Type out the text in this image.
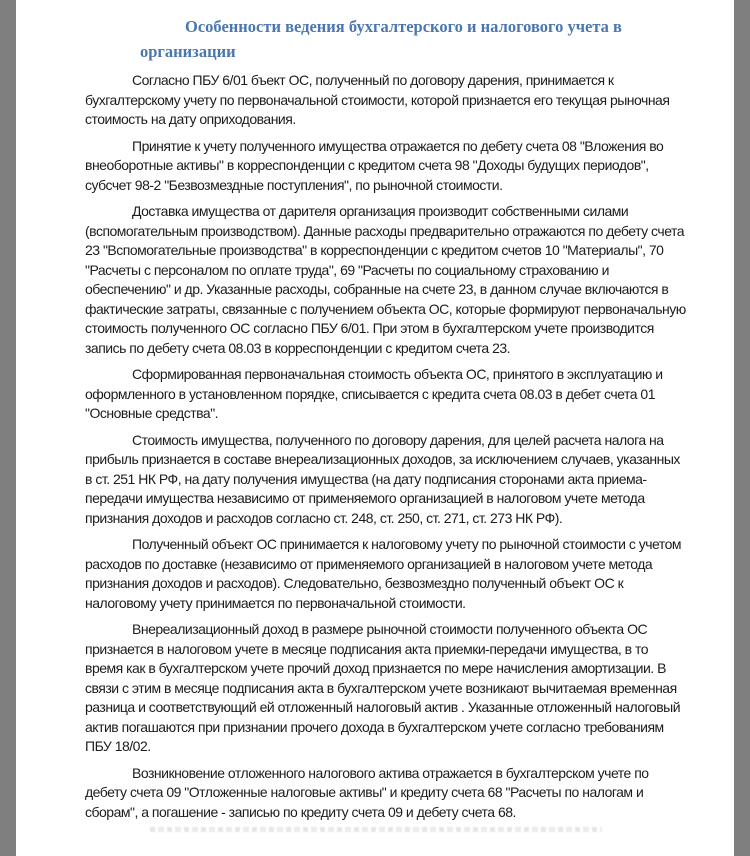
Особенности ведения бухгалтерского и налогового учета в организации

Согласно ПБУ 6/01 бъект ОС, полученный по договору дарения, принимается к бухгалтерскому учету по первоначальной стоимости, которой признается его текущая рыночная стоимость на дату оприходования.

Принятие к учету полученного имущества отражается по дебету счета 08 "Вложения во внеоборотные активы" в корреспонденции с кредитом счета 98 "Доходы будущих периодов", субсчет 98-2 "Безвозмездные поступления", по рыночной стоимости.

Доставка имущества от дарителя организация производит собственными силами (вспомогательным производством). Данные расходы предварительно отражаются по дебету счета 23 "Вспомогательные производства" в корреспонденции с кредитом счетов 10 "Материалы", 70 "Расчеты с персоналом по оплате труда", 69 "Расчеты по социальному страхованию и обеспечению" и др. Указанные расходы, собранные на счете 23, в данном случае включаются в фактические затраты, связанные с получением объекта ОС, которые формируют первоначальную стоимость полученного ОС согласно ПБУ 6/01. При этом в бухгалтерском учете производится запись по дебету счета 08.03 в корреспонденции с кредитом счета 23.

Сформированная первоначальная стоимость объекта ОС, принятого в эксплуатацию и оформленного в установленном порядке, списывается с кредита счета 08.03 в дебет счета 01 "Основные средства".

Стоимость имущества, полученного по договору дарения, для целей расчета налога на прибыль признается в составе внереализационных доходов, за исключением случаев, указанных в ст. 251 НК РФ, на дату получения имущества (на дату подписания сторонами акта приема-передачи имущества независимо от применяемого организацией в налоговом учете метода признания доходов и расходов согласно ст. 248, ст. 250, ст. 271, ст. 273 НК РФ).

Полученный объект ОС принимается к налоговому учету по рыночной стоимости с учетом расходов по доставке (независимо от применяемого организацией в налоговом учете метода признания доходов и расходов). Следовательно, безвозмездно полученный объект ОС к налоговому учету принимается по первоначальной стоимости.

Внереализационный доход в размере рыночной стоимости полученного объекта ОС признается в налоговом учете в месяце подписания акта приемки-передачи имущества, в то время как в бухгалтерском учете прочий доход признается по мере начисления амортизации. В связи с этим в месяце подписания акта в бухгалтерском учете возникают вычитаемая временная разница и соответствующий ей отложенный налоговый актив . Указанные отложенный налоговый актив погашаются при признании прочего дохода в бухгалтерском учете согласно требованиям ПБУ 18/02.

Возникновение отложенного налогового актива отражается в бухгалтерском учете по дебету счета 09 "Отложенные налоговые активы" и кредиту счета 68 "Расчеты по налогам и сборам", а погашение - записью по кредиту счета 09 и дебету счета 68.
